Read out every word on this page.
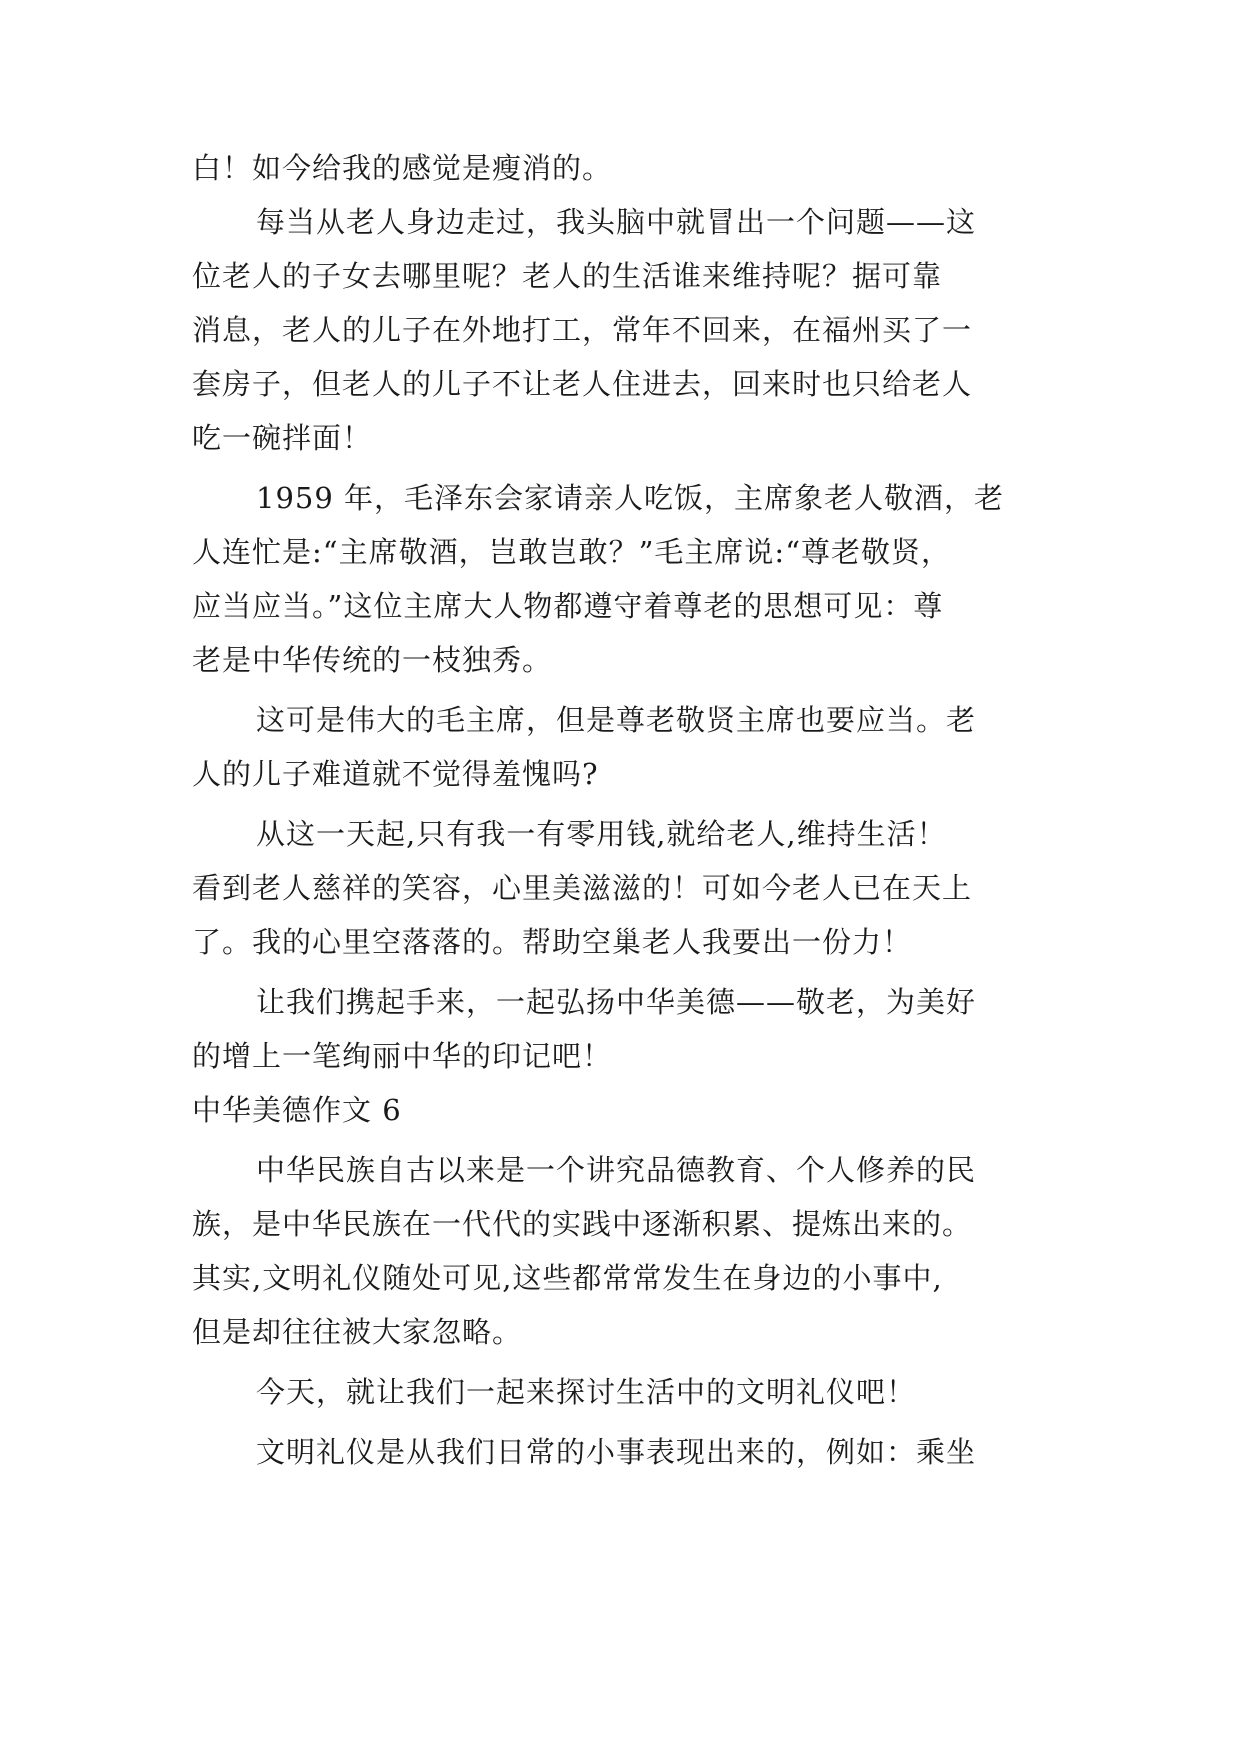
白！如今给我的感觉是瘦消的。
每当从老人身边走过，我头脑中就冒出一个问题——这
位老人的子女去哪里呢？老人的生活谁来维持呢？据可靠
消息，老人的儿子在外地打工，常年不回来，在福州买了一
套房子，但老人的儿子不让老人住进去，回来时也只给老人
吃一碗拌面！
1959 年，毛泽东会家请亲人吃饭，主席象老人敬酒，老
人连忙是:“主席敬酒，岂敢岂敢？”毛主席说:“尊老敬贤，
应当应当。”这位主席大人物都遵守着尊老的思想可见：尊
老是中华传统的一枝独秀。
这可是伟大的毛主席，但是尊老敬贤主席也要应当。老
人的儿子难道就不觉得羞愧吗?
从这一天起,只有我一有零用钱,就给老人,维持生活！
看到老人慈祥的笑容，心里美滋滋的！可如今老人已在天上
了。我的心里空落落的。帮助空巢老人我要出一份力！
让我们携起手来，一起弘扬中华美德——敬老，为美好
的增上一笔绚丽中华的印记吧！
中华美德作文 6
中华民族自古以来是一个讲究品德教育、个人修养的民
族，是中华民族在一代代的实践中逐渐积累、提炼出来的。
其实,文明礼仪随处可见,这些都常常发生在身边的小事中,
但是却往往被大家忽略。
今天，就让我们一起来探讨生活中的文明礼仪吧！
文明礼仪是从我们日常的小事表现出来的，例如：乘坐
